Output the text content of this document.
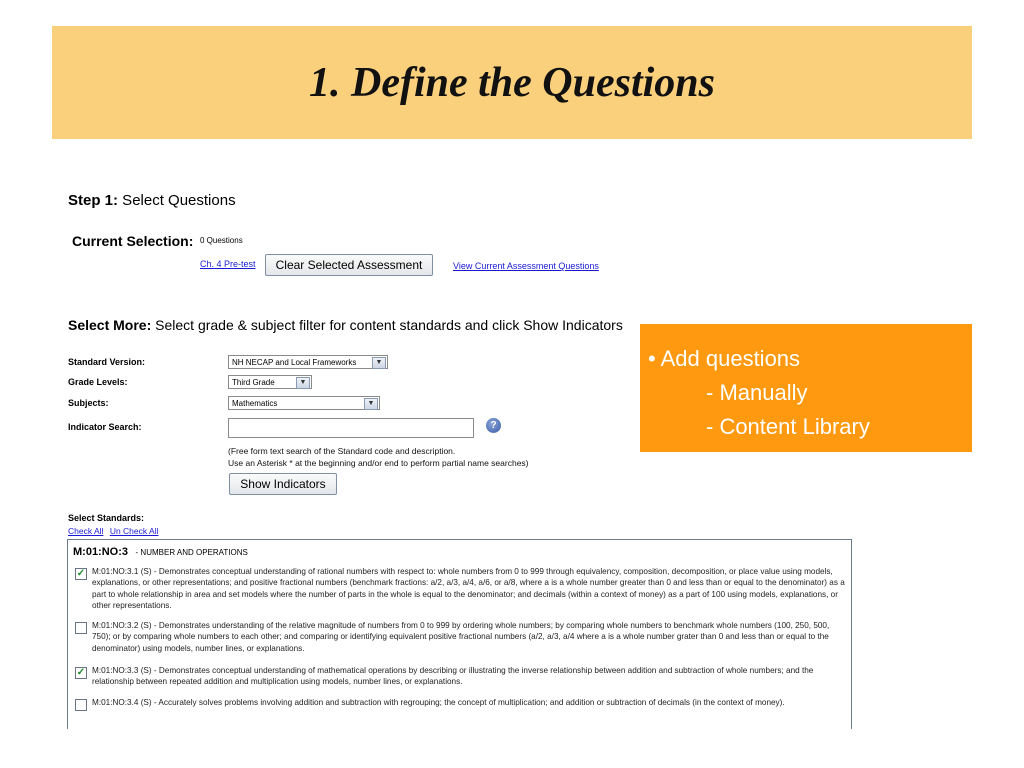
1. Define the Questions
Step 1: Select Questions
Current Selection: 0 Questions
Ch. 4 Pre-test	Clear Selected Assessment	View Current Assessment Questions
Select More: Select grade & subject filter for content standards and click Show Indicators
Standard Version:	NH NECAP and Local Frameworks	▼
Grade Levels:	Third Grade	▼
Subjects:	Mathematics	▼
Indicator Search:	?
(Free form text search of the Standard code and description.
Use an Asterisk * at the beginning and/or end to perform partial name searches)
Show Indicators
• Add questions
- Manually
- Content Library
Select Standards:
Check All Un Check All
M:01:NO:3   - NUMBER AND OPERATIONS
✓ M:01:NO:3.1 (S) - Demonstrates conceptual understanding of rational numbers with respect to: whole numbers from 0 to 999 through equivalency, composition, decomposition, or place value using models, explanations, or other representations; and positive fractional numbers (benchmark fractions: a/2, a/3, a/4, a/6, or a/8, where a is a whole number greater than 0 and less than or equal to the denominator) as a part to whole relationship in area and set models where the number of parts in the whole is equal to the denominator; and decimals (within a context of money) as a part of 100 using models, explanations, or other representations.
M:01:NO:3.2 (S) - Demonstrates understanding of the relative magnitude of numbers from 0 to 999 by ordering whole numbers; by comparing whole numbers to benchmark whole numbers (100, 250, 500, 750); or by comparing whole numbers to each other; and comparing or identifying equivalent positive fractional numbers (a/2, a/3, a/4 where a is a whole number grater than 0 and less than or equal to the denominator) using models, number lines, or explanations.
✓ M:01:NO:3.3 (S) - Demonstrates conceptual understanding of mathematical operations by describing or illustrating the inverse relationship between addition and subtraction of whole numbers; and the relationship between repeated addition and multiplication using models, number lines, or explanations.
M:01:NO:3.4 (S) - Accurately solves problems involving addition and subtraction with regrouping; the concept of multiplication; and addition or subtraction of decimals (in the context of money).
